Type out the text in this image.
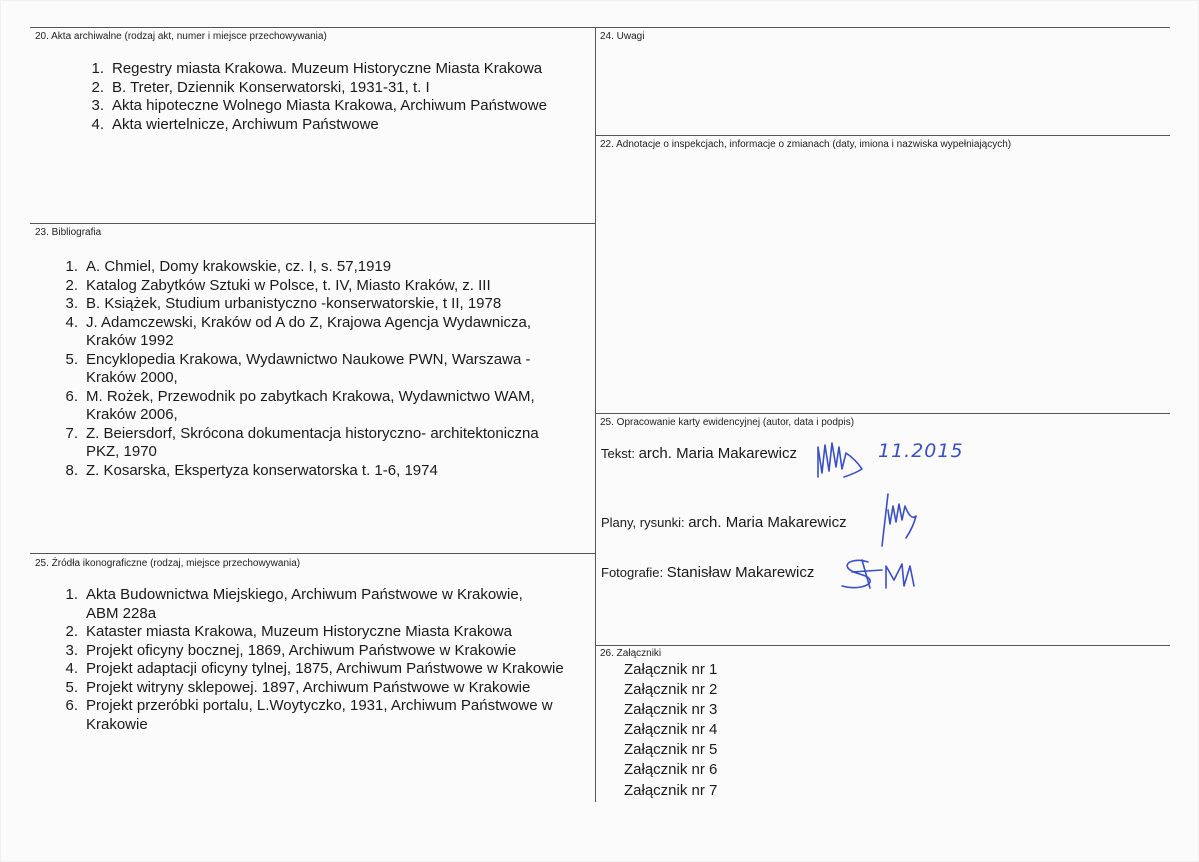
20. Akta archiwalne (rodzaj akt, numer i miejsce przechowywania)
1. Regestry miasta Krakowa. Muzeum Historyczne Miasta Krakowa
2. B. Treter, Dziennik Konserwatorski, 1931-31, t. I
3. Akta hipoteczne Wolnego Miasta Krakowa, Archiwum Państwowe
4. Akta wiertelnicze, Archiwum Państwowe
24. Uwagi
22. Adnotacje o inspekcjach, informacje o zmianach (daty, imiona i nazwiska wypełniających)
23. Bibliografia
1. A. Chmiel, Domy krakowskie, cz. I, s. 57,1919
2. Katalog Zabytków Sztuki w Polsce, t. IV, Miasto Kraków, z. III
3. B. Książek, Studium urbanistyczno -konserwatorskie, t II, 1978
4. J. Adamczewski, Kraków od A do Z, Krajowa Agencja Wydawnicza, Kraków 1992
5. Encyklopedia Krakowa, Wydawnictwo Naukowe PWN, Warszawa - Kraków 2000,
6. M. Rożek, Przewodnik po zabytkach Krakowa, Wydawnictwo WAM, Kraków 2006,
7. Z. Beiersdorf, Skrócona dokumentacja historyczno- architektoniczna PKZ, 1970
8. Z. Kosarska, Ekspertyza konserwatorska t. 1-6, 1974
25. Opracowanie karty ewidencyjnej (autor, data i podpis)
Tekst: arch. Maria Makarewicz	11.2015
Plany, rysunki: arch. Maria Makarewicz
Fotografie: Stanisław Makarewicz
25. Źródła ikonograficzne (rodzaj, miejsce przechowywania)
1. Akta Budownictwa Miejskiego, Archiwum Państwowe w Krakowie, ABM 228a
2. Kataster miasta Krakowa, Muzeum Historyczne Miasta Krakowa
3. Projekt oficyny bocznej, 1869, Archiwum Państwowe w Krakowie
4. Projekt adaptacji oficyny tylnej, 1875, Archiwum Państwowe w Krakowie
5. Projekt witryny sklepowej. 1897, Archiwum Państwowe w Krakowie
6. Projekt przeróbki portalu, L.Woytyczko, 1931, Archiwum Państwowe w Krakowie
26. Załączniki
Załącznik nr 1
Załącznik nr 2
Załącznik nr 3
Załącznik nr 4
Załącznik nr 5
Załącznik nr 6
Załącznik nr 7
